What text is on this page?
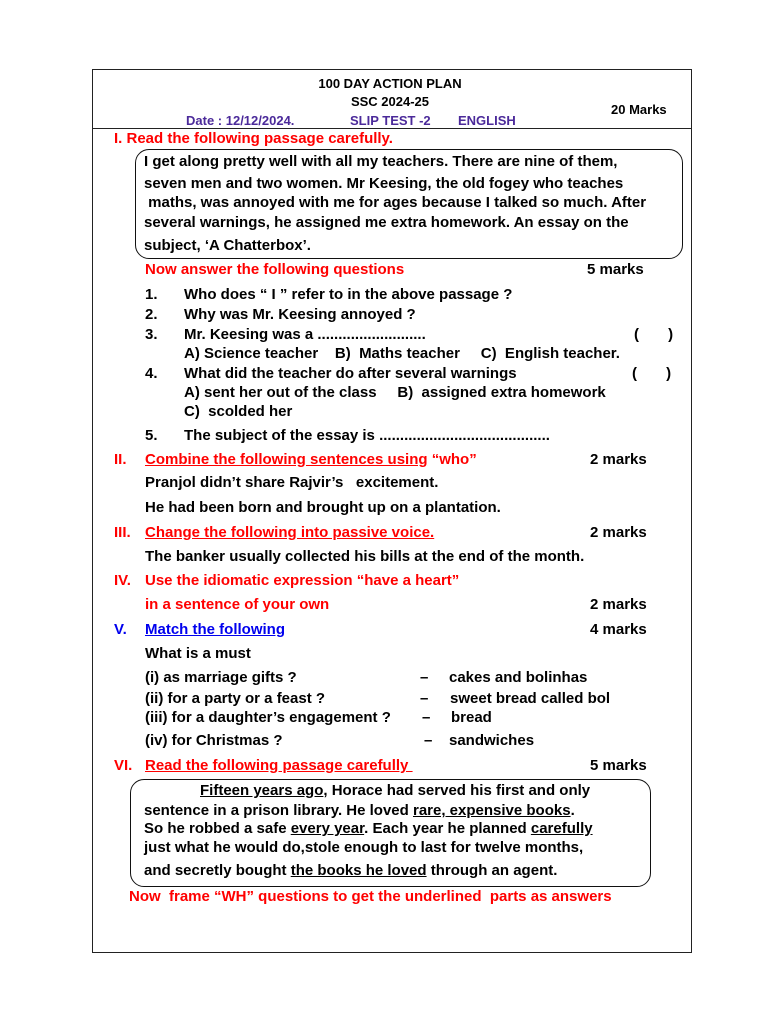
100 DAY ACTION PLAN
SSC 2024-25
Date : 12/12/2024.	SLIP TEST -2 ENGLISH
20 Marks
I. Read the following passage carefully.
I get along pretty well with all my teachers. There are nine of them,
seven men and two women. Mr Keesing, the old fogey who teaches
maths, was annoyed with me for ages because I talked so much. After
several warnings, he assigned me extra homework. An essay on the
subject, ‘A Chatterbox’.
Now answer the following questions	5 marks
1. Who does “ I ” refer to in the above passage ?
2. Why was Mr. Keesing annoyed ?
3. Mr. Keesing was a ..........................	(       )
A) Science teacher    B)  Maths teacher     C)  English teacher.
4. What did the teacher do after several warnings	(       )
A) sent her out of the class     B)  assigned extra homework
C)  scolded her
5. The subject of the essay is .........................................
II. Combine the following sentences using “who”	2 marks
Pranjol didn’t share Rajvir’s   excitement.
He had been born and brought up on a plantation.
III. Change the following into passive voice.	2 marks
The banker usually collected his bills at the end of the month.
IV. Use the idiomatic expression “have a heart”
in a sentence of your own	2 marks
V. Match the following	4 marks
What is a must
(i) as marriage gifts ?	– cakes and bolinhas
(ii) for a party or a feast ?	– sweet bread called bol
(iii) for a daughter’s engagement ? – bread
(iv) for Christmas ?	– sandwiches
VI. Read the following passage carefully	5 marks
Fifteen years ago, Horace had served his first and only
sentence in a prison library. He loved rare, expensive books.
So he robbed a safe every year. Each year he planned carefully
just what he would do,stole enough to last for twelve months,
and secretly bought the books he loved through an agent.
Now  frame “WH” questions to get the underlined  parts as answers
